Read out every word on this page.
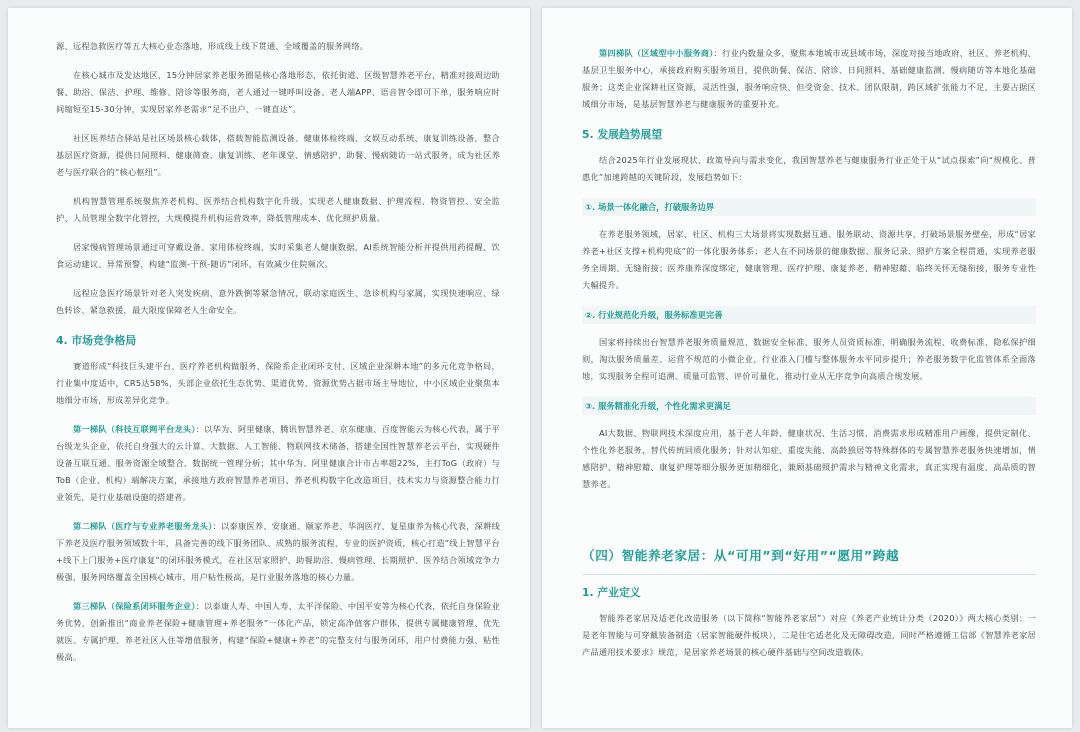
源、远程急救医疗等五大核心业态落地，形成线上线下贯通、全域覆盖的服务网络。

在核心城市及发达地区，15分钟居家养老服务圈是核心落地形态，依托街道、区级智慧养老平台，精准对接周边助餐、助浴、保洁、护理、维修、陪诊等服务商，老人通过一键呼叫设备、老人端APP、语音智令即可下单，服务响应时间缩短至15-30分钟，实现居家养老需求“足不出户、一键直达”。

社区医养结合驿站是社区场景核心载体，搭载智能监测设备、健康体检终端、文娱互动系统、康复训练设备，整合基层医疗资源，提供日间照料、健康筛查、康复训练、老年课堂、情感陪护、助餐、慢病随访一站式服务，成为社区养老与医疗联合的“核心枢纽”。

机构智慧管理系统聚焦养老机构、医养结合机构数字化升级，实现老人健康数据、护理流程、物资管控、安全监护、人员管理全数字化管控，大规模提升机构运营效率，降低管理成本、优化照护质量。

居家慢病管理场景通过可穿戴设备、家用体检终端，实时采集老人健康数据，AI系统智能分析并提供用药提醒、饮食运动建议、异常预警，构建“监测-干预-随访”闭环，有效减少住院频次。

远程应急医疗场景针对老人突发疾病、意外跌倒等紧急情况，联动家庭医生、急诊机构与家属，实现快速响应、绿色转诊、紧急救援，最大限度保障老人生命安全。

4. 市场竞争格局

赛道形成“科技巨头建平台、医疗养老机构做服务、保险系企业闭环支付、区域企业深耕本地”的多元化竞争格局，行业集中度适中，CR5达58%，头部企业依托生态优势、渠道优势、资源优势占据市场主导地位，中小区域企业聚焦本地细分市场，形成差异化竞争。

第一梯队（科技互联网平台龙头）：以华为、阿里健康、腾讯智慧养老、京东健康、百度智能云为核心代表，属于平台级龙头企业，依托自身强大的云计算、大数据、人工智能、物联网技术储备，搭建全国性智慧养老云平台，实现硬件设备互联互通、服务资源全域整合、数据统一管理分析；其中华为、阿里健康合计市占率超22%，主打ToG（政府）与ToB（企业、机构）端解决方案，承接地方政府智慧养老项目、养老机构数字化改造项目，技术实力与资源整合能力行业领先，是行业基础设施的搭建者。

第二梯队（医疗与专业养老服务龙头）：以泰康医养、安康通、颐家养老、华润医疗、复星康养为核心代表，深耕线下养老及医疗服务领域数十年，具备完善的线下服务团队、成熟的服务流程、专业的医护资质，核心打造“线上智慧平台+线下上门服务+医疗康复”的闭环服务模式，在社区居家照护、助餐助浴、慢病管理、长期照护、医养结合领域竞争力极强，服务网络覆盖全国核心城市，用户粘性极高，是行业服务落地的核心力量。

第三梯队（保险系闭环服务企业）：以泰康人寿、中国人寿、太平洋保险、中国平安等为核心代表，依托自身保险业务优势，创新推出“商业养老保险+健康管理+养老服务”一体化产品，锁定高净值客户群体，提供专属健康管理、优先就医、专属护理、养老社区入住等增值服务，构建“保险+健康+养老”的完整支付与服务闭环，用户付费能力强、粘性极高。

第四梯队（区域型中小服务商）：行业内数量众多，聚焦本地城市或县域市场，深度对接当地政府、社区、养老机构、基层卫生服务中心，承接政府购买服务项目，提供助餐、保洁、陪诊、日间照料、基础健康监测、慢病随访等本地化基础服务；这类企业深耕社区资源，灵活性强，服务响应快，但受资金、技术、团队限制，跨区域扩张能力不足，主要占据区域细分市场，是基层智慧养老与健康服务的重要补充。

5. 发展趋势展望

结合2025年行业发展现状、政策导向与需求变化，我国智慧养老与健康服务行业正处于从“试点探索”向“规模化、普惠化”加速跨越的关键阶段，发展趋势如下：

①. 场景一体化融合，打破服务边界

在养老服务领域，居家、社区、机构三大场景将实现数据互通、服务联动、资源共享，打破场景服务壁垒，形成“居家养老+社区支撑+机构兜底”的一体化服务体系；老人在不同场景的健康数据、服务记录、照护方案全程贯通，实现养老服务全周期、无缝衔接；医养康养深度绑定，健康管理、医疗护理、康复养老、精神慰藉、临终关怀无缝衔接，服务专业性大幅提升。

②. 行业规范化升级，服务标准更完善

国家将持续出台智慧养老服务质量规范、数据安全标准、服务人员资质标准，明确服务流程、收费标准、隐私保护细则，淘汰服务质量差、运营不规范的小微企业，行业准入门槛与整体服务水平同步提升；养老服务数字化监管体系全面落地，实现服务全程可追溯、质量可监管、评价可量化，推动行业从无序竞争向高质合规发展。

③. 服务精准化升级，个性化需求更满足

AI大数据、物联网技术深度应用，基于老人年龄、健康状况、生活习惯、消费需求形成精准用户画像，提供定制化、个性化养老服务，替代传统同质化服务；针对认知症、重度失能、高龄独居等特殊群体的专属智慧养老服务快速增加，情感陪护、精神慰藉、康复护理等细分服务更加精细化，兼顾基础照护需求与精神文化需求，真正实现有温度、高品质的智慧养老。

（四）智能养老家居：从“可用”到“好用”“愿用”跨越
1. 产业定义

智能养老家居及适老化改造服务（以下简称“智能养老家居”）对应《养老产业统计分类（2020）》两大核心类别：一是老年智能与可穿戴装备制造（居家智能硬件板块），二是住宅适老化及无障碍改造，同时严格遵循工信部《智慧养老家居产品通用技术要求》规范，是居家养老场景的核心硬件基础与空间改造载体。
